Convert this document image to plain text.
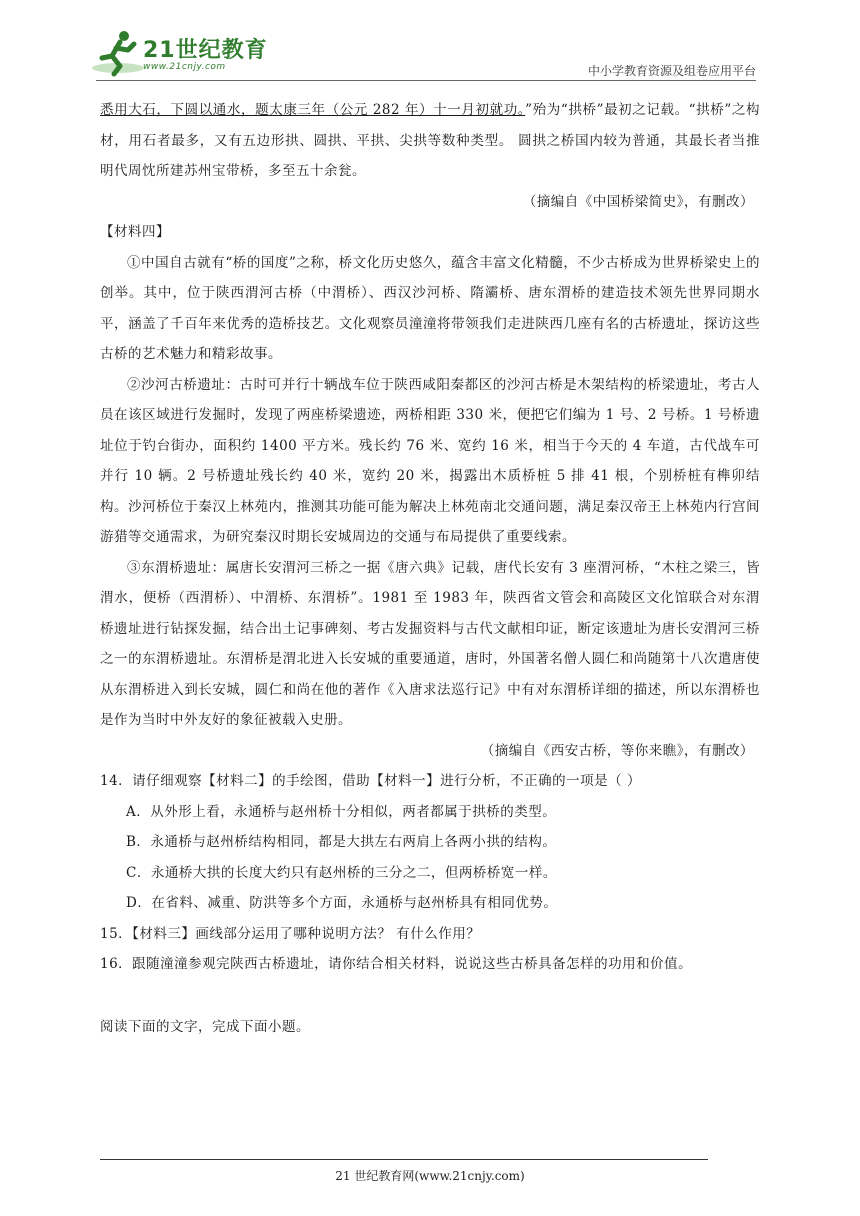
21世纪教育
www.21cnjy.com	中小学教育资源及组卷应用平台

悉用大石，下圆以通水，题太康三年（公元 282 年）十一月初就功。”殆为“拱桥”最初之记载。“拱桥”之构材，用石者最多，又有五边形拱、圆拱、平拱、尖拱等数种类型。 圆拱之桥国内较为普通，其最长者当推明代周忱所建苏州宝带桥，多至五十余瓮。

（摘编自《中国桥梁简史》，有删改）

【材料四】

①中国自古就有“桥的国度”之称，桥文化历史悠久，蕴含丰富文化精髓，不少古桥成为世界桥梁史上的创举。其中，位于陕西渭河古桥（中渭桥）、西汉沙河桥、隋灞桥、唐东渭桥的建造技术领先世界同期水平，涵盖了千百年来优秀的造桥技艺。文化观察员潼潼将带领我们走进陕西几座有名的古桥遗址，探访这些古桥的艺术魅力和精彩故事。

②沙河古桥遗址：古时可并行十辆战车位于陕西咸阳秦都区的沙河古桥是木架结构的桥梁遗址，考古人员在该区域进行发掘时，发现了两座桥梁遗迹，两桥相距 330 米，便把它们编为 1 号、2 号桥。1 号桥遗址位于钓台街办，面积约 1400 平方米。残长约 76 米、宽约 16 米，相当于今天的 4 车道，古代战车可并行 10 辆。2 号桥遗址残长约 40 米，宽约 20 米，揭露出木质桥桩 5 排 41 根，个别桥桩有榫卯结构。沙河桥位于秦汉上林苑内，推测其功能可能为解决上林苑南北交通问题，满足秦汉帝王上林苑内行宫间游猎等交通需求，为研究秦汉时期长安城周边的交通与布局提供了重要线索。

③东渭桥遗址：属唐长安渭河三桥之一据《唐六典》记载，唐代长安有 3 座渭河桥，“木柱之梁三，皆渭水，便桥（西渭桥）、中渭桥、东渭桥”。1981 至 1983 年，陕西省文管会和高陵区文化馆联合对东渭桥遗址进行钻探发掘，结合出土记事碑刻、考古发掘资料与古代文献相印证，断定该遗址为唐长安渭河三桥之一的东渭桥遗址。东渭桥是渭北进入长安城的重要通道，唐时，外国著名僧人圆仁和尚随第十八次遣唐使从东渭桥进入到长安城，圆仁和尚在他的著作《入唐求法巡行记》中有对东渭桥详细的描述，所以东渭桥也是作为当时中外友好的象征被载入史册。

（摘编自《西安古桥，等你来瞧》，有删改）

14．请仔细观察【材料二】的手绘图，借助【材料一】进行分析，不正确的一项是（ ）

A．从外形上看，永通桥与赵州桥十分相似，两者都属于拱桥的类型。

B．永通桥与赵州桥结构相同，都是大拱左右两肩上各两小拱的结构。

C．永通桥大拱的长度大约只有赵州桥的三分之二，但两桥桥宽一样。

D．在省料、减重、防洪等多个方面，永通桥与赵州桥具有相同优势。

15．【材料三】画线部分运用了哪种说明方法？ 有什么作用？

16．跟随潼潼参观完陕西古桥遗址，请你结合相关材料，说说这些古桥具备怎样的功用和价值。

阅读下面的文字，完成下面小题。

21 世纪教育网(www.21cnjy.com)
